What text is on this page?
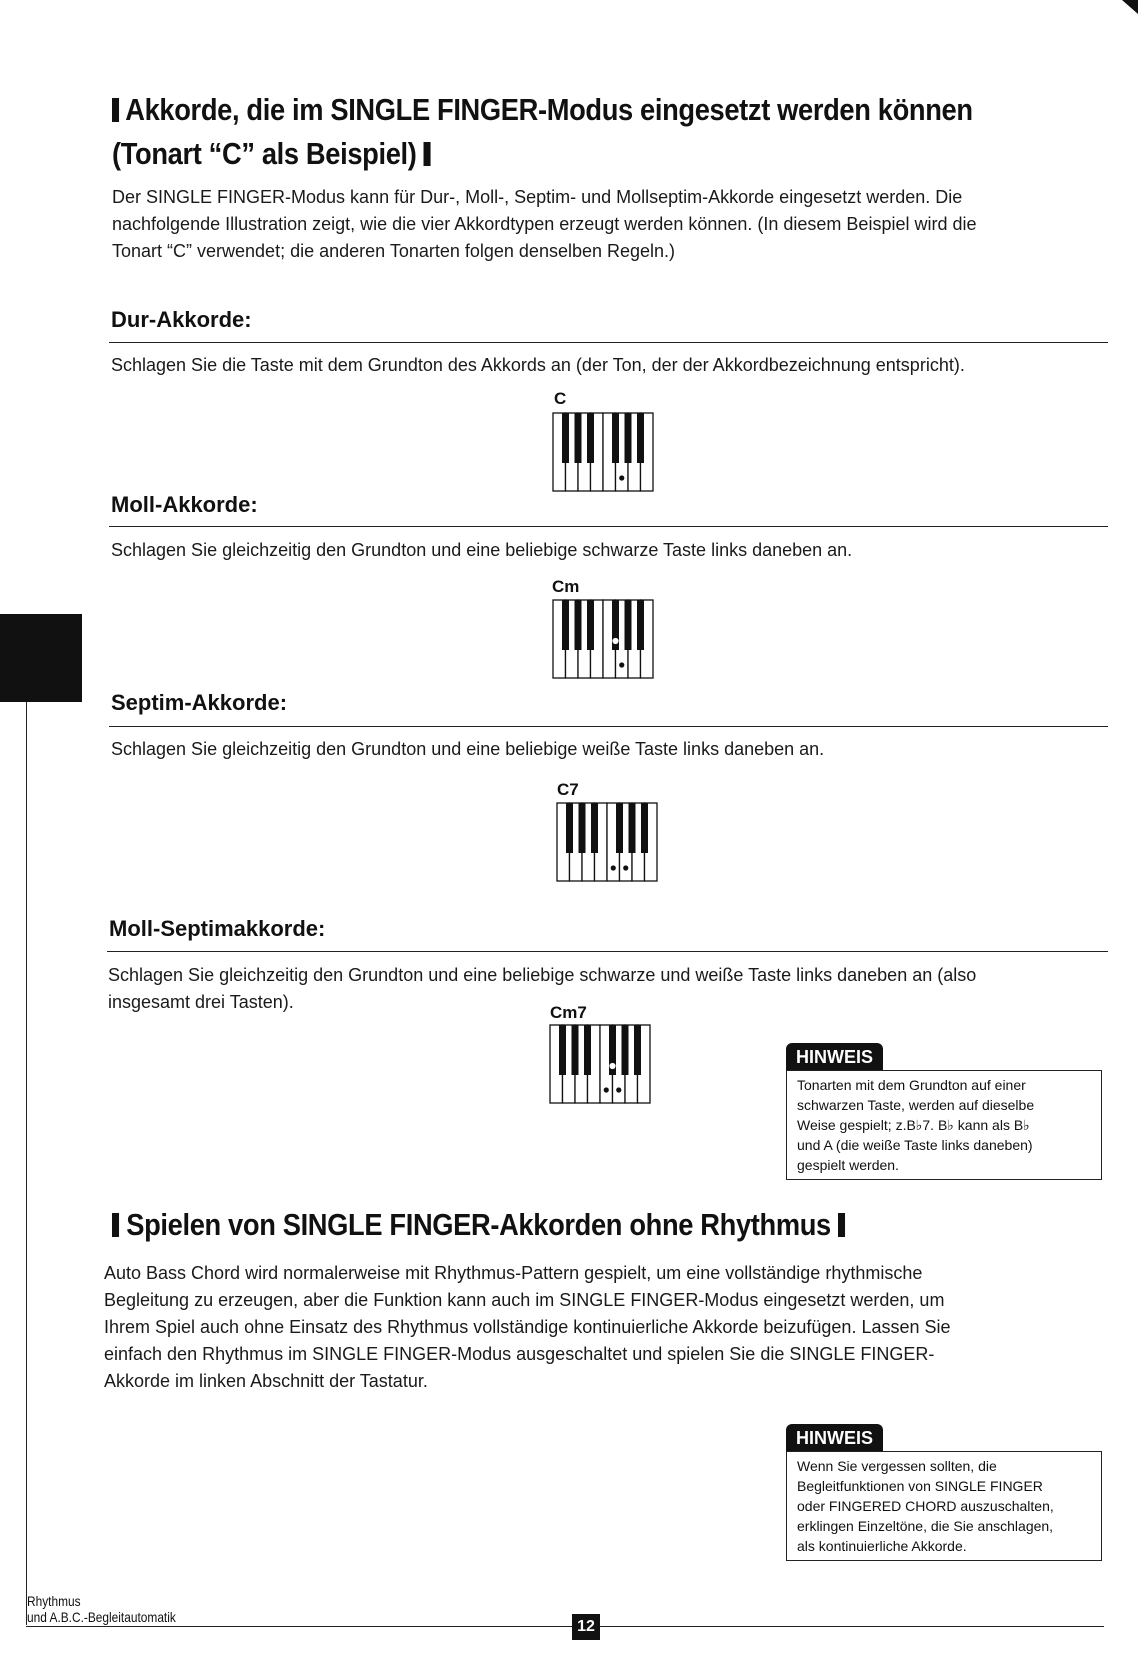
Akkorde, die im SINGLE FINGER-Modus eingesetzt werden können (Tonart “C” als Beispiel)
Der SINGLE FINGER-Modus kann für Dur-, Moll-, Septim- und Mollseptim-Akkorde eingesetzt werden. Die
nachfolgende Illustration zeigt, wie die vier Akkordtypen erzeugt werden können. (In diesem Beispiel wird die
Tonart “C” verwendet; die anderen Tonarten folgen denselben Regeln.)
Dur-Akkorde:
Schlagen Sie die Taste mit dem Grundton des Akkords an (der Ton, der der Akkordbezeichnung entspricht).
C
Moll-Akkorde:
Schlagen Sie gleichzeitig den Grundton und eine beliebige schwarze Taste links daneben an.
Cm
Septim-Akkorde:
Schlagen Sie gleichzeitig den Grundton und eine beliebige weiße Taste links daneben an.
C7
Moll-Septimakkorde:
Schlagen Sie gleichzeitig den Grundton und eine beliebige schwarze und weiße Taste links daneben an (also
insgesamt drei Tasten).
Cm7
HINWEIS
Tonarten mit dem Grundton auf einer
schwarzen Taste, werden auf dieselbe
Weise gespielt; z.B♭7. B♭ kann als B♭
und A (die weiße Taste links daneben)
gespielt werden.
Spielen von SINGLE FINGER-Akkorden ohne Rhythmus
Auto Bass Chord wird normalerweise mit Rhythmus-Pattern gespielt, um eine vollständige rhythmische
Begleitung zu erzeugen, aber die Funktion kann auch im SINGLE FINGER-Modus eingesetzt werden, um
Ihrem Spiel auch ohne Einsatz des Rhythmus vollständige kontinuierliche Akkorde beizufügen. Lassen Sie
einfach den Rhythmus im SINGLE FINGER-Modus ausgeschaltet und spielen Sie die SINGLE FINGER-
Akkorde im linken Abschnitt der Tastatur.
HINWEIS
Wenn Sie vergessen sollten, die
Begleitfunktionen von SINGLE FINGER
oder FINGERED CHORD auszuschalten,
erklingen Einzeltöne, die Sie anschlagen,
als kontinuierliche Akkorde.
Rhythmus
und A.B.C.-Begleitautomatik
12
